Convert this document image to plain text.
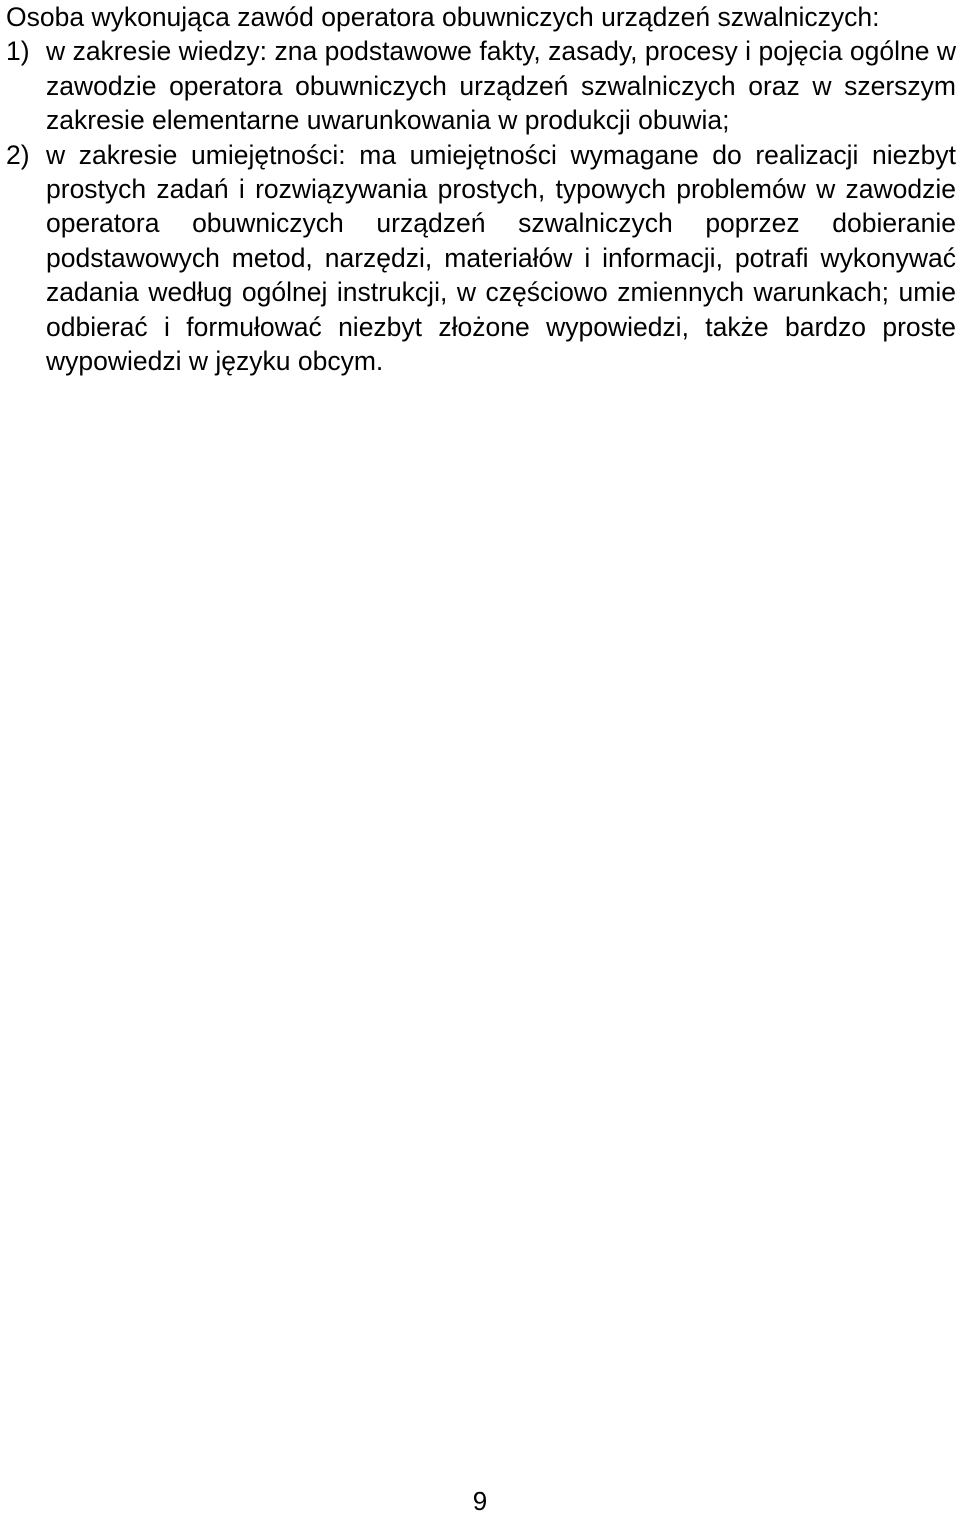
Osoba wykonująca zawód operatora obuwniczych urządzeń szwalniczych:

1) w zakresie wiedzy: zna podstawowe fakty, zasady, procesy i pojęcia ogólne w zawodzie operatora obuwniczych urządzeń szwalniczych oraz w szerszym zakresie elementarne uwarunkowania w produkcji obuwia;
2) w zakresie umiejętności: ma umiejętności wymagane do realizacji niezbyt prostych zadań i rozwiązywania prostych, typowych problemów w zawodzie operatora obuwniczych urządzeń szwalniczych poprzez dobieranie podstawowych metod, narzędzi, materiałów i informacji, potrafi wykonywać zadania według ogólnej instrukcji, w częściowo zmiennych warunkach; umie odbierać i formułować niezbyt złożone wypowiedzi, także bardzo proste wypowiedzi w języku obcym.
9
